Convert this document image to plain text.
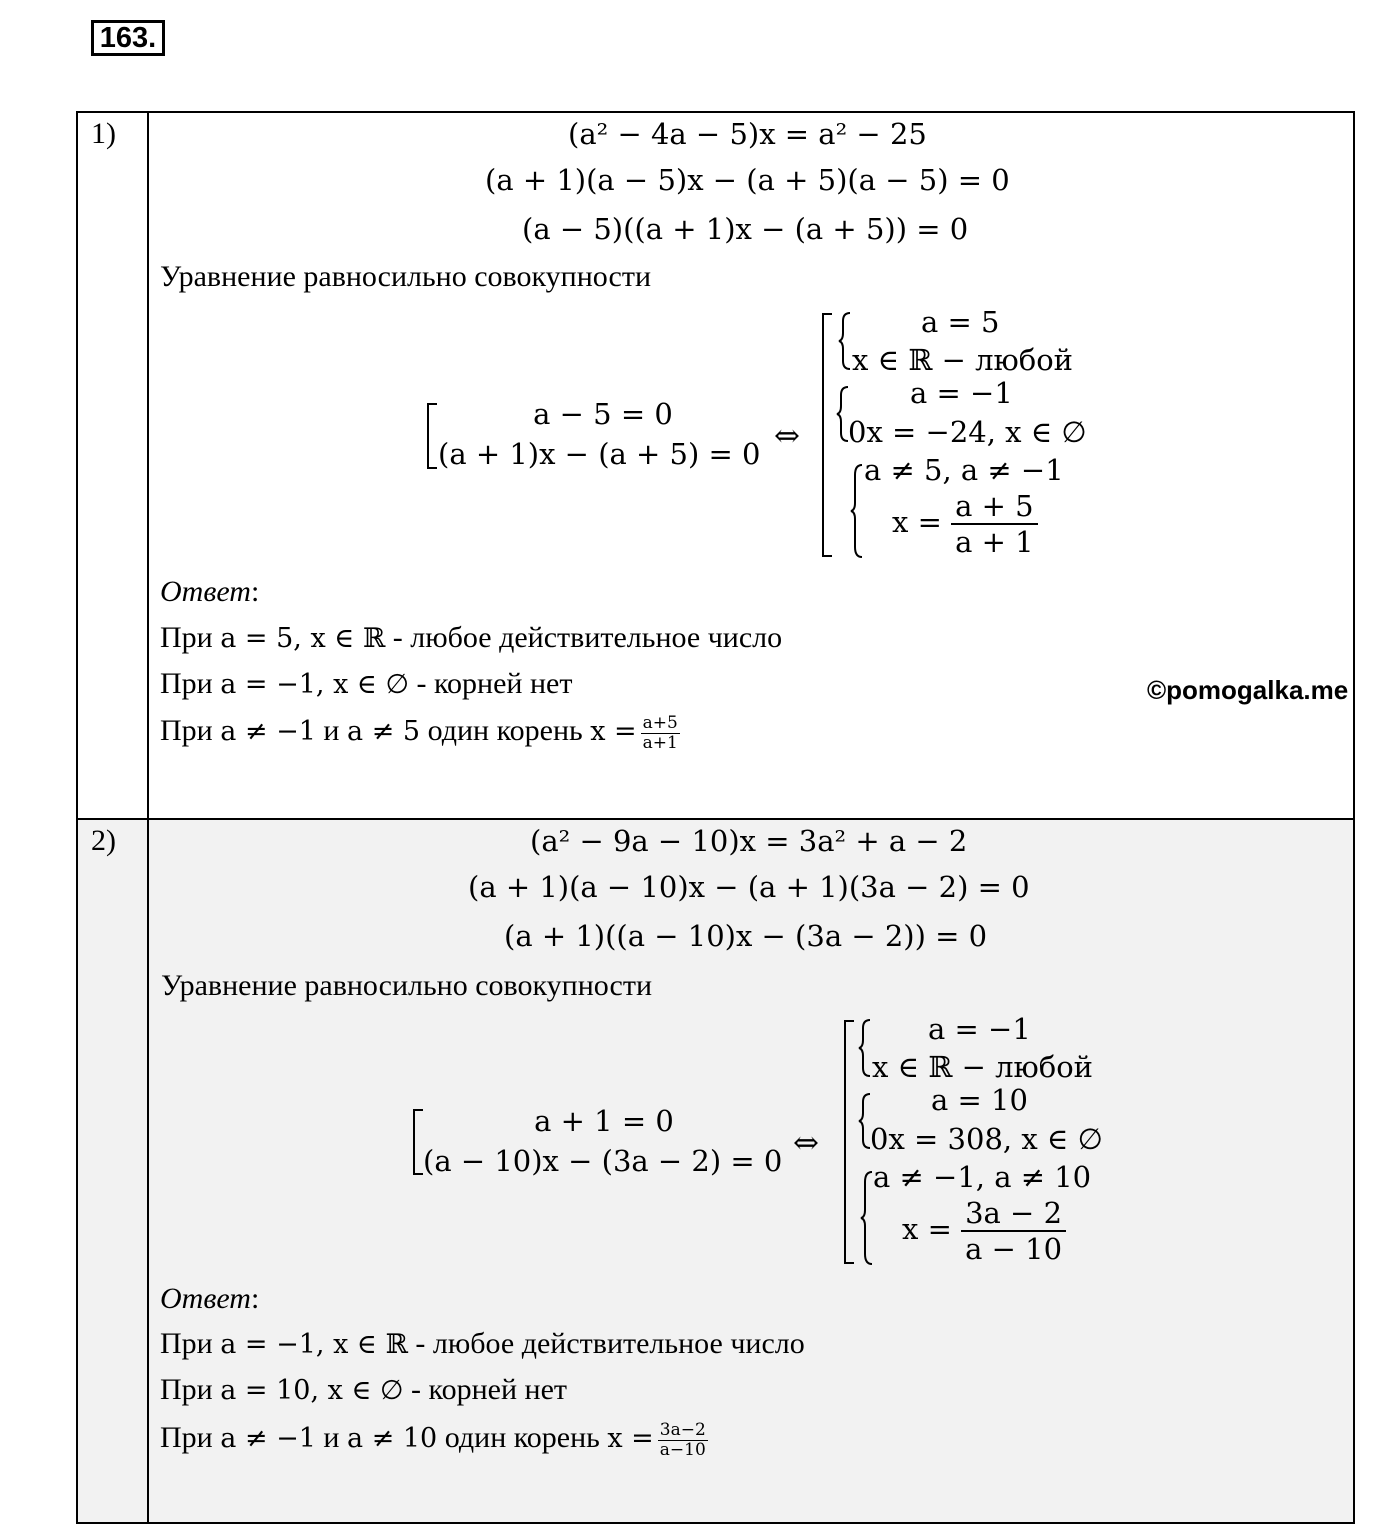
163.
1)	(a² − 4a − 5)x = a² − 25
(a + 1)(a − 5)x − (a + 5)(a − 5) = 0
(a − 5)((a + 1)x − (a + 5)) = 0
Уравнение равносильно совокупности
a − 5 = 0
(a + 1)x − (a + 5) = 0 ⇔
a = 5
x ∈ ℝ − любой
a = −1
0x = −24, x ∈ ∅
a ≠ 5, a ≠ −1
$x = \frac{a + 5}{a + 1}$
Ответ:
При a = 5, x ∈ ℝ - любое действительное число
При a = −1, x ∈ ∅ - корней нет
При a ≠ −1 и a ≠ 5 один корень $x = \frac{a+5}{a+1}$
©pomogalka.me
2)	(a² − 9a − 10)x = 3a² + a − 2
(a + 1)(a − 10)x − (a + 1)(3a − 2) = 0
(a + 1)((a − 10)x − (3a − 2)) = 0
Уравнение равносильно совокупности
a + 1 = 0
(a − 10)x − (3a − 2) = 0 ⇔
a = −1
x ∈ ℝ − любой
a = 10
0x = 308, x ∈ ∅
a ≠ −1, a ≠ 10
$x = \frac{3a - 2}{a - 10}$
Ответ:
При a = −1, x ∈ ℝ - любое действительное число
При a = 10, x ∈ ∅ - корней нет
При a ≠ −1 и a ≠ 10 один корень $x = \frac{3a-2}{a-10}$
